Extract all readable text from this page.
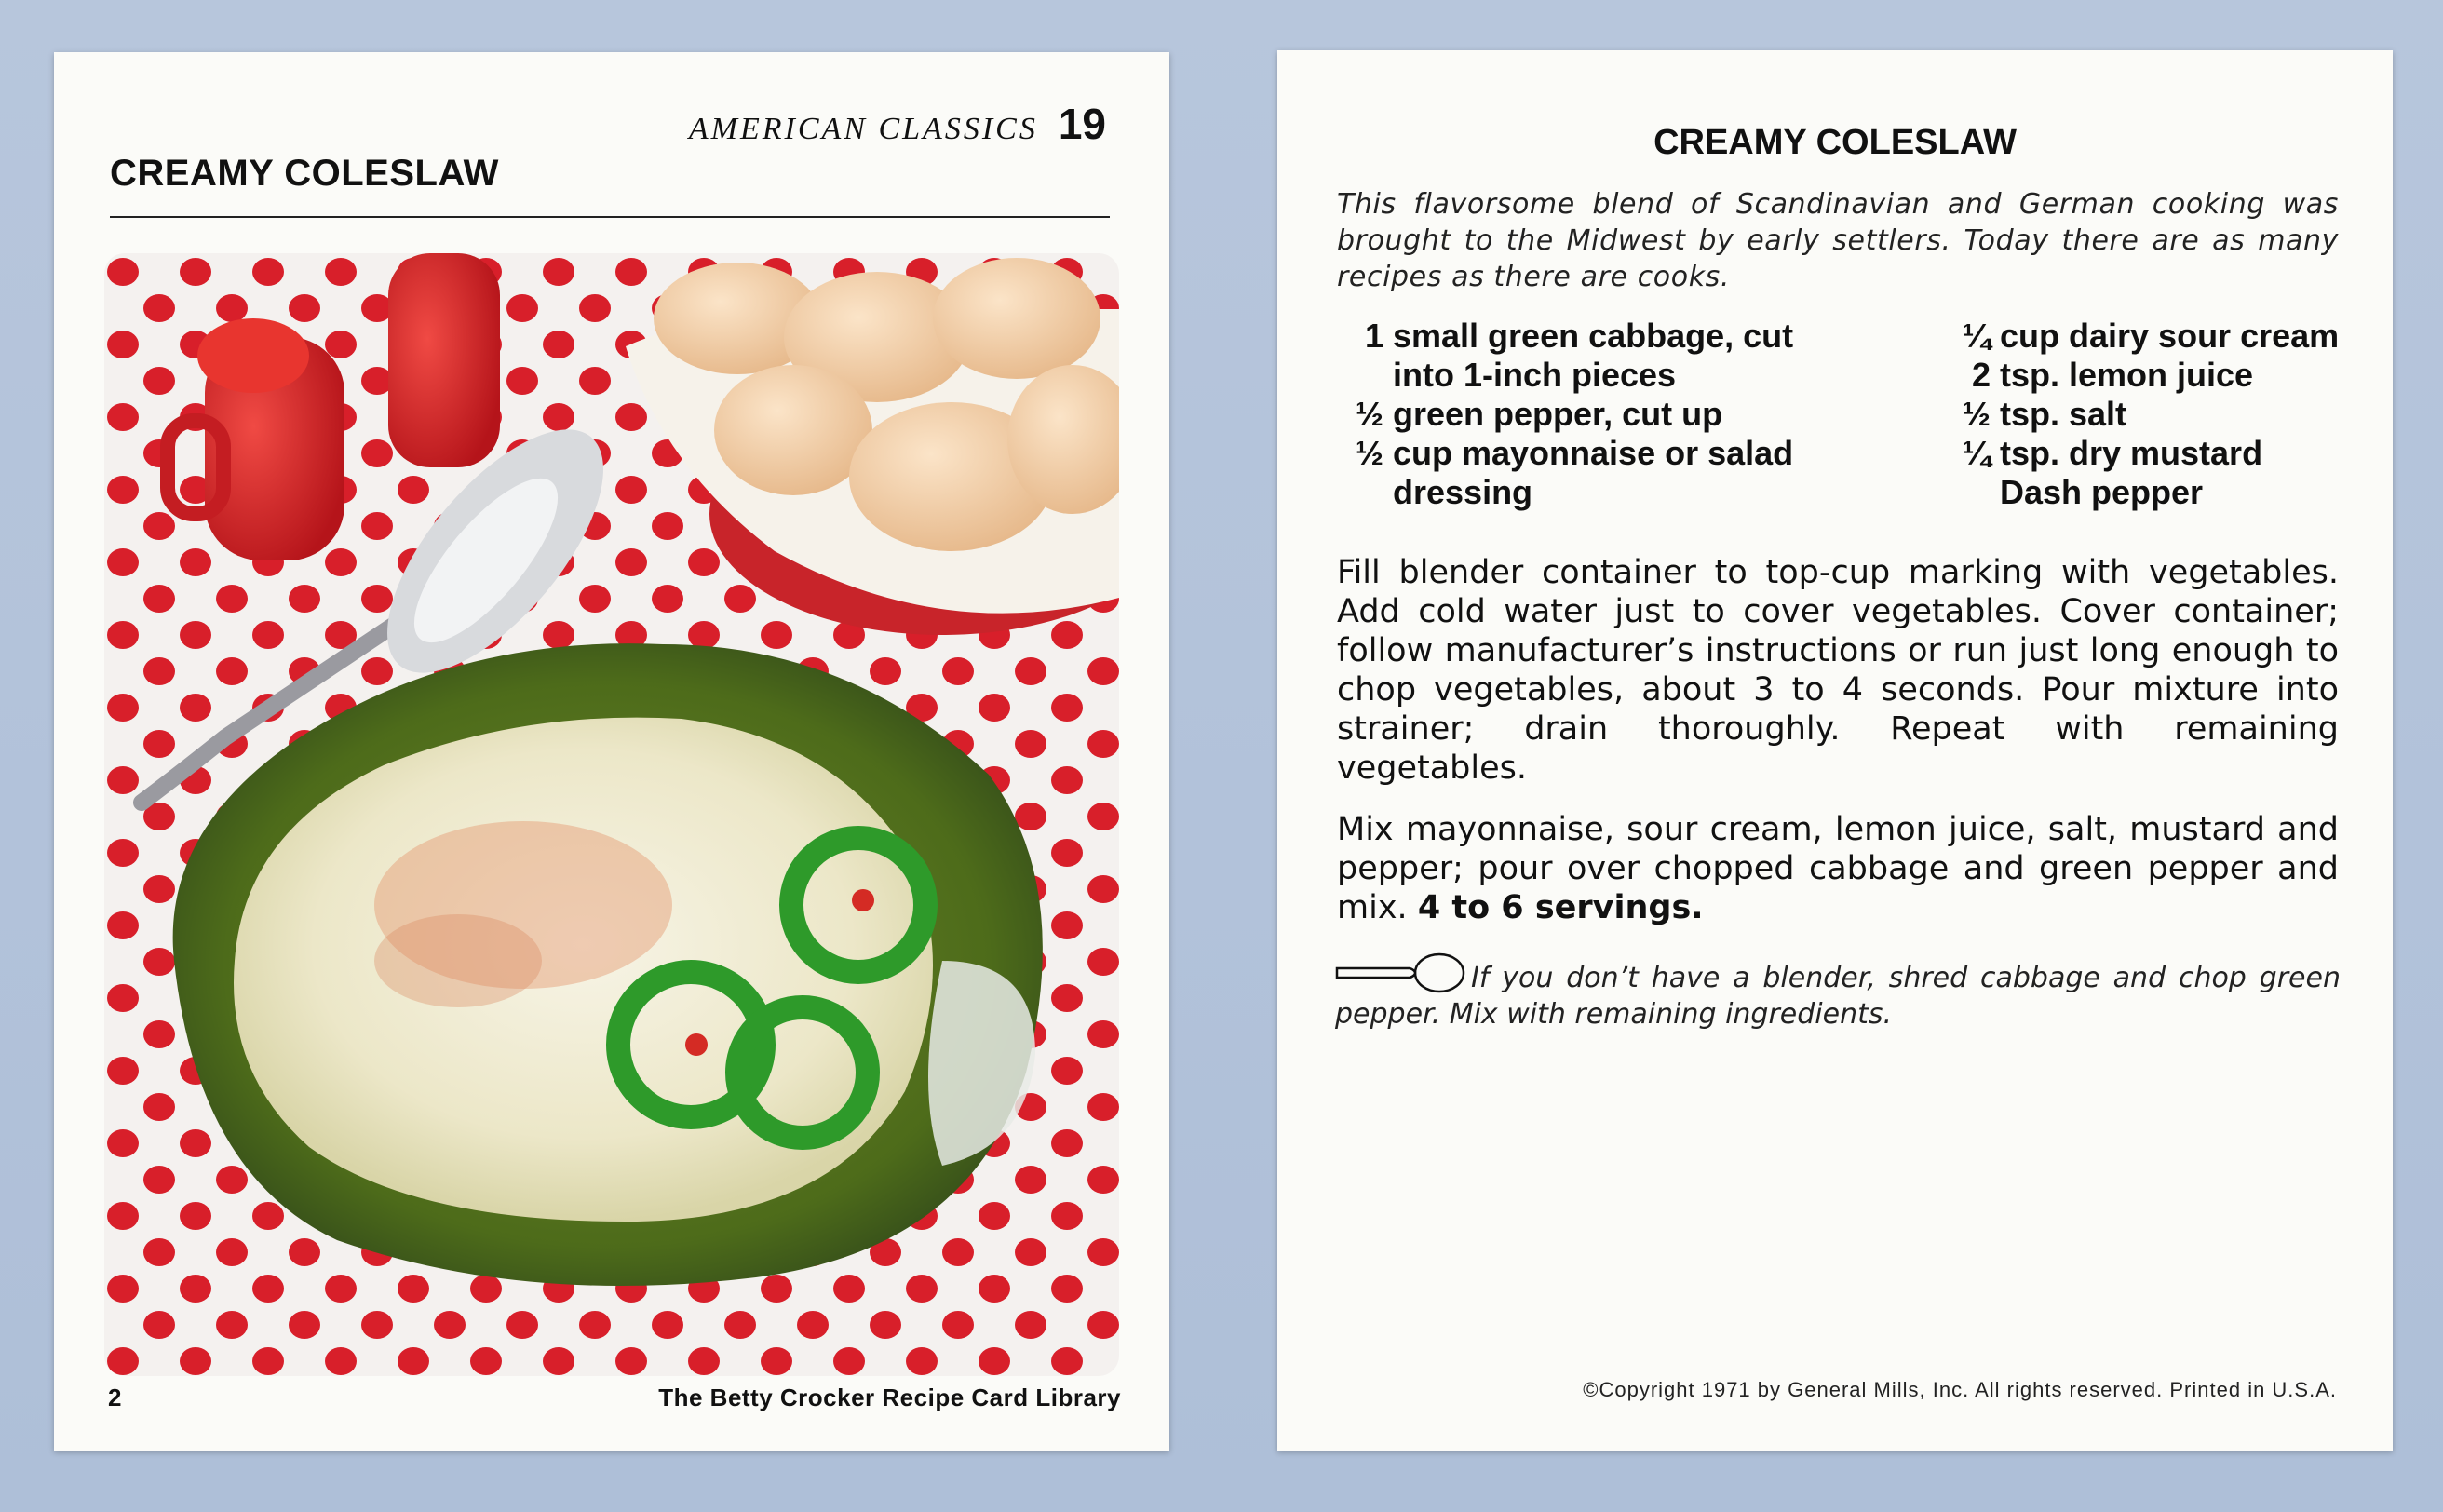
AMERICAN CLASSICS 19
CREAMY COLESLAW
2	The Betty Crocker Recipe Card Library
CREAMY COLESLAW
This flavorsome blend of Scandinavian and German cooking was brought to the Midwest by early settlers. Today there are as many recipes as there are cooks.
1 small green cabbage, cut into 1-inch pieces
½ green pepper, cut up
½ cup mayonnaise or salad dressing
¼ cup dairy sour cream
2 tsp. lemon juice
½ tsp. salt
¼ tsp. dry mustard
Dash pepper

Fill blender container to top-cup marking with vegetables. Add cold water just to cover vegetables. Cover container; follow manufacturer’s instructions or run just long enough to chop vegetables, about 3 to 4 seconds. Pour mixture into strainer; drain thoroughly. Repeat with remaining vegetables.

Mix mayonnaise, sour cream, lemon juice, salt, mustard and pepper; pour over chopped cabbage and green pepper and mix. 4 to 6 servings.

If you don’t have a blender, shred cabbage and chop green pepper. Mix with remaining ingredients.
©Copyright 1971 by General Mills, Inc. All rights reserved. Printed in U.S.A.
